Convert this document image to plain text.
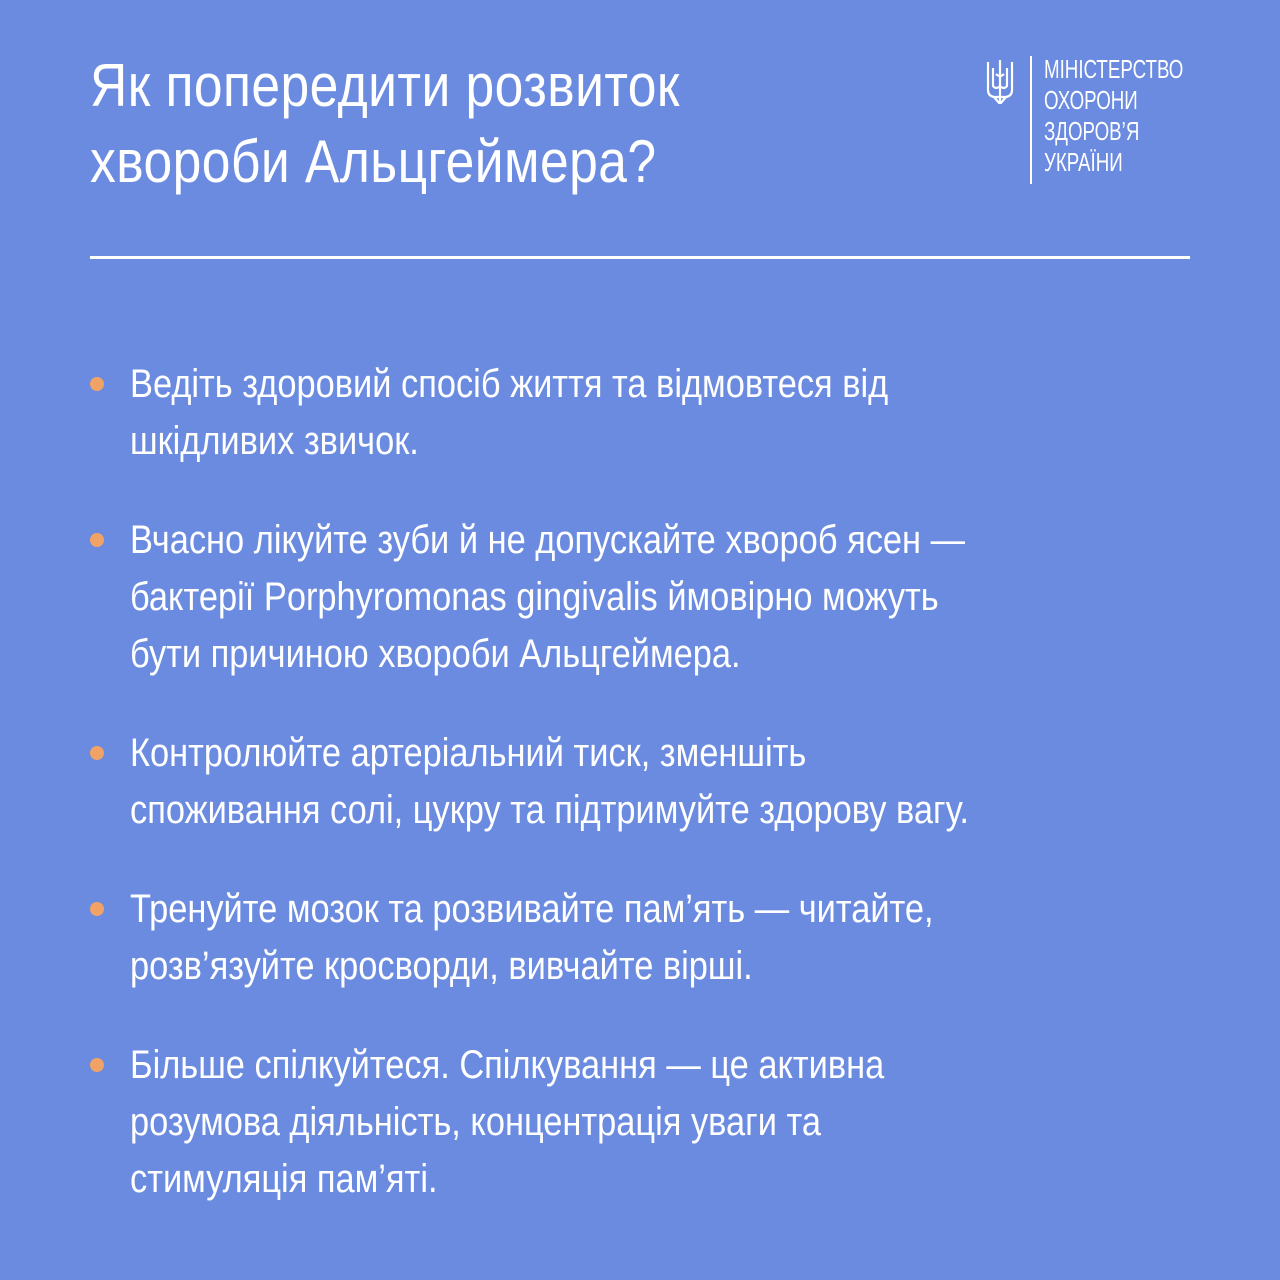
Як попередити розвиток
хвороби Альцгеймера?
МІНІСТЕРСТВО
ОХОРОНИ
ЗДОРОВ’Я
УКРАЇНИ
Ведіть здоровий спосіб життя та відмовтеся від
шкідливих звичок.
Вчасно лікуйте зуби й не допускайте хвороб ясен —
бактерії Porphyromonas gingivalis ймовірно можуть
бути причиною хвороби Альцгеймера.
Контролюйте артеріальний тиск, зменшіть
споживання солі, цукру та підтримуйте здорову вагу.
Тренуйте мозок та розвивайте пам’ять — читайте,
розв’язуйте кросворди, вивчайте вірші.
Більше спілкуйтеся. Спілкування — це активна
розумова діяльність, концентрація уваги та
стимуляція пам’яті.
